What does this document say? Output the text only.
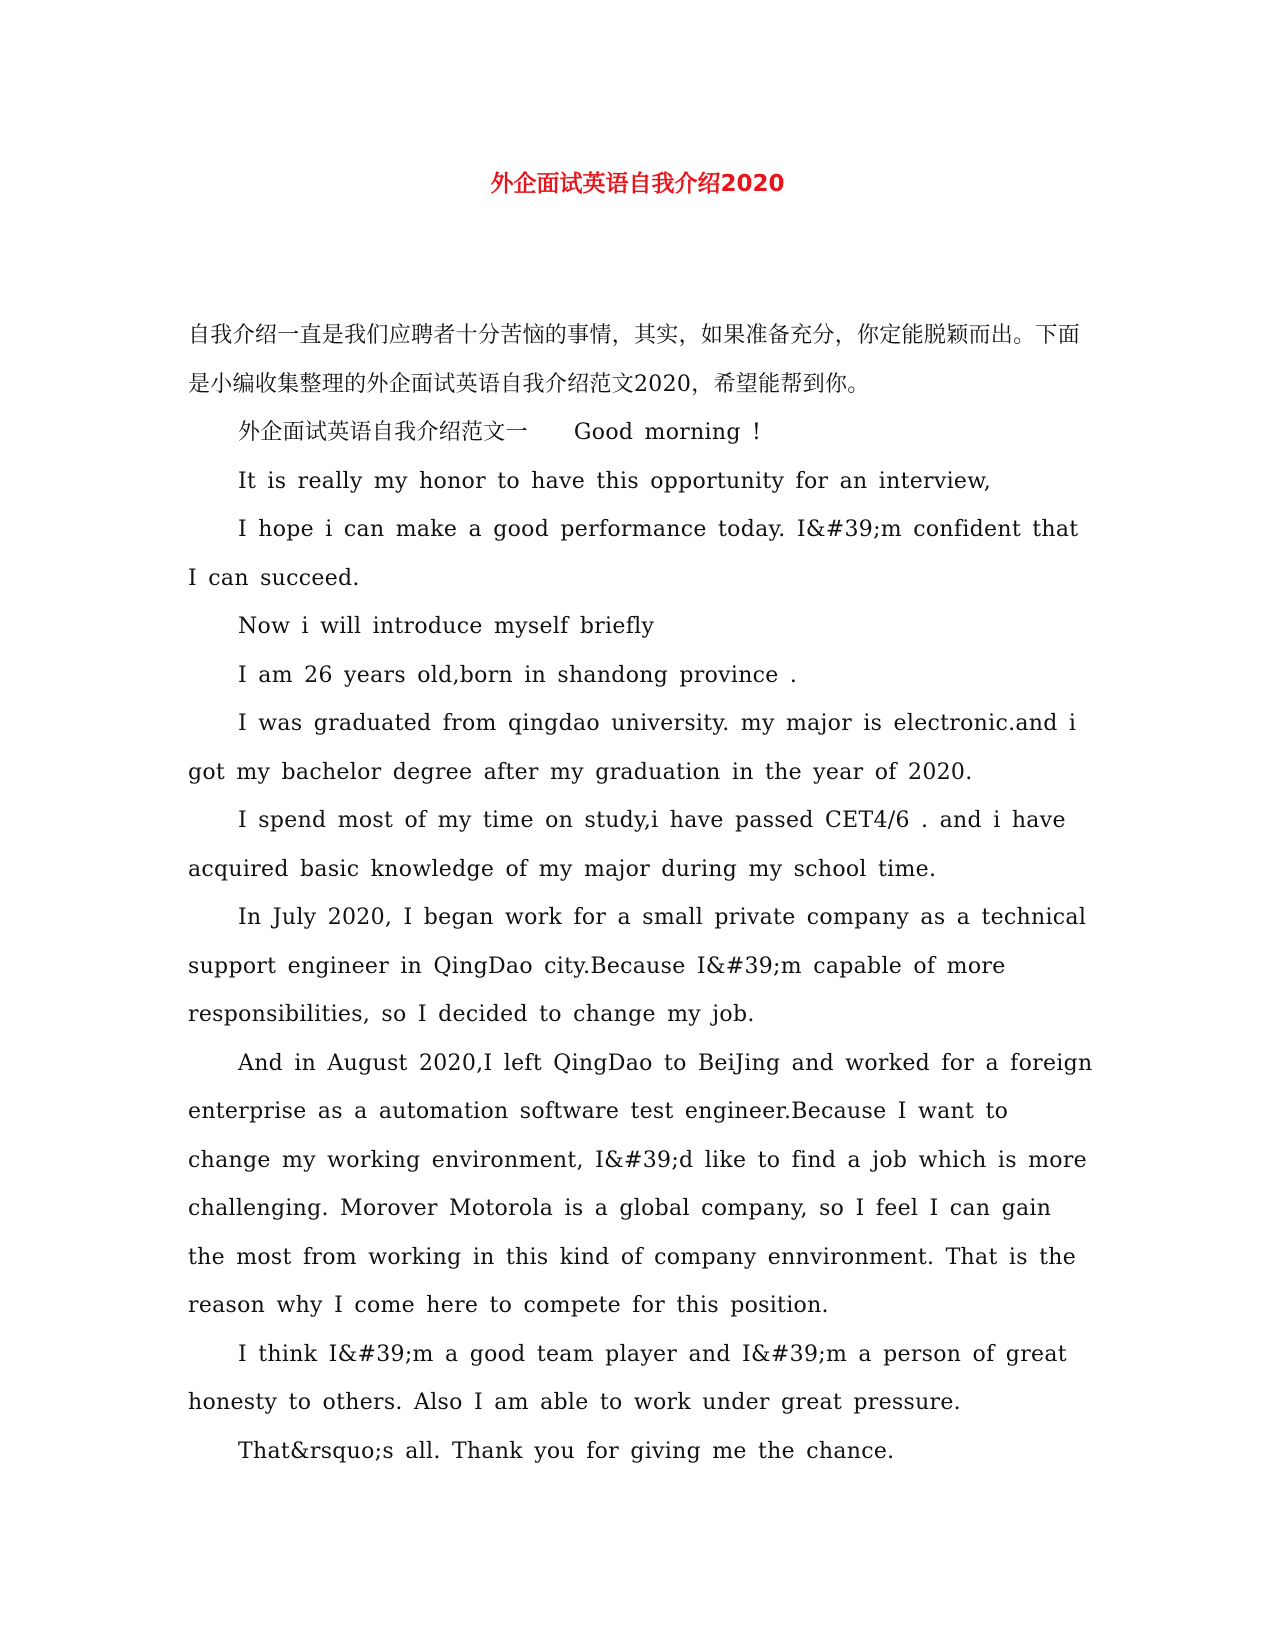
外企面试英语自我介绍2020

自我介绍一直是我们应聘者十分苦恼的事情，其实，如果准备充分，你定能脱颖而出。下面是小编收集整理的外企面试英语自我介绍范文2020，希望能帮到你。

外企面试英语自我介绍范文一 Good morning !

It is really my honor to have this opportunity for an interview,

I hope i can make a good performance today. I&#39;m confident that I can succeed.

Now i will introduce myself briefly

I am 26 years old,born in shandong province .

I was graduated from qingdao university. my major is electronic.and i got my bachelor degree after my graduation in the year of 2020.

I spend most of my time on study,i have passed CET4/6 . and i have acquired basic knowledge of my major during my school time.

In July 2020, I began work for a small private company as a technical support engineer in QingDao city.Because I&#39;m capable of more responsibilities, so I decided to change my job.

And in August 2020,I left QingDao to BeiJing and worked for a foreign enterprise as a automation software test engineer.Because I want to change my working environment, I&#39;d like to find a job which is more challenging. Morover Motorola is a global company, so I feel I can gain the most from working in this kind of company ennvironment. That is the reason why I come here to compete for this position.

I think I&#39;m a good team player and I&#39;m a person of great honesty to others. Also I am able to work under great pressure.

That&rsquo;s all. Thank you for giving me the chance.
